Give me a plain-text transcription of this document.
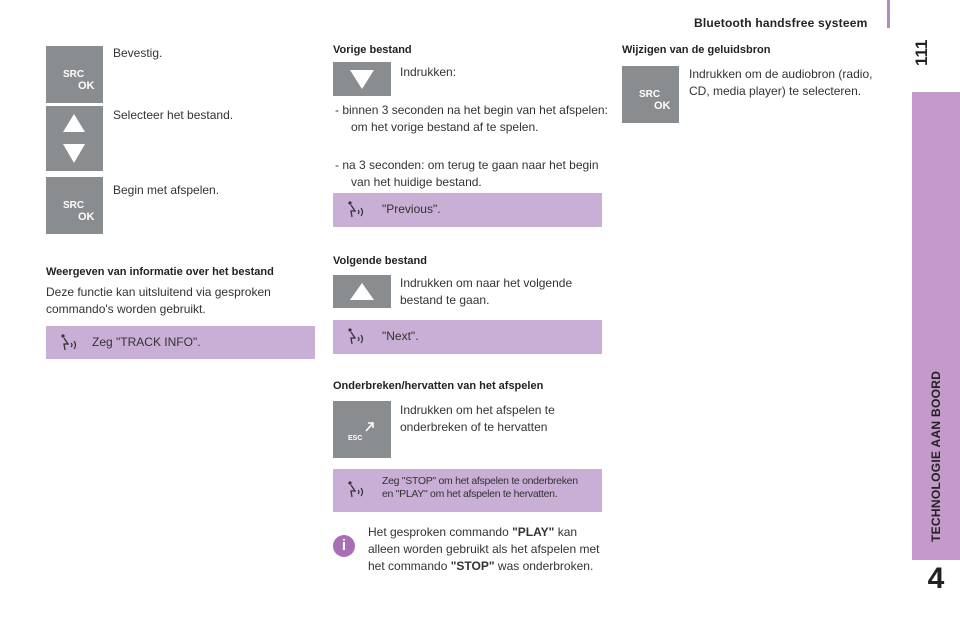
Bluetooth handsfree systeem
111
TECHNOLOGIE AAN BOORD
4
SRC
OK
Bevestig.
Selecteer het bestand.
SRC
OK
Begin met afspelen.
Weergeven van informatie over het bestand
Deze functie kan uitsluitend via gesproken commando's worden gebruikt.
Zeg "TRACK INFO".
Vorige bestand
Indrukken:
- binnen 3 seconden na het begin van het afspelen: om het vorige bestand af te spelen.
- na 3 seconden: om terug te gaan naar het begin van het huidige bestand.
"Previous".
Volgende bestand
Indrukken om naar het volgende bestand te gaan.
"Next".
Onderbreken/hervatten van het afspelen
ESC
Indrukken om het afspelen te onderbreken of te hervatten
Zeg "STOP" om het afspelen te onderbreken
en "PLAY" om het afspelen te hervatten.
i
Het gesproken commando "PLAY" kan alleen worden gebruikt als het afspelen met het commando "STOP" was onderbroken.
Wijzigen van de geluidsbron
SRC
OK
Indrukken om de audiobron (radio, CD, media player) te selecteren.
